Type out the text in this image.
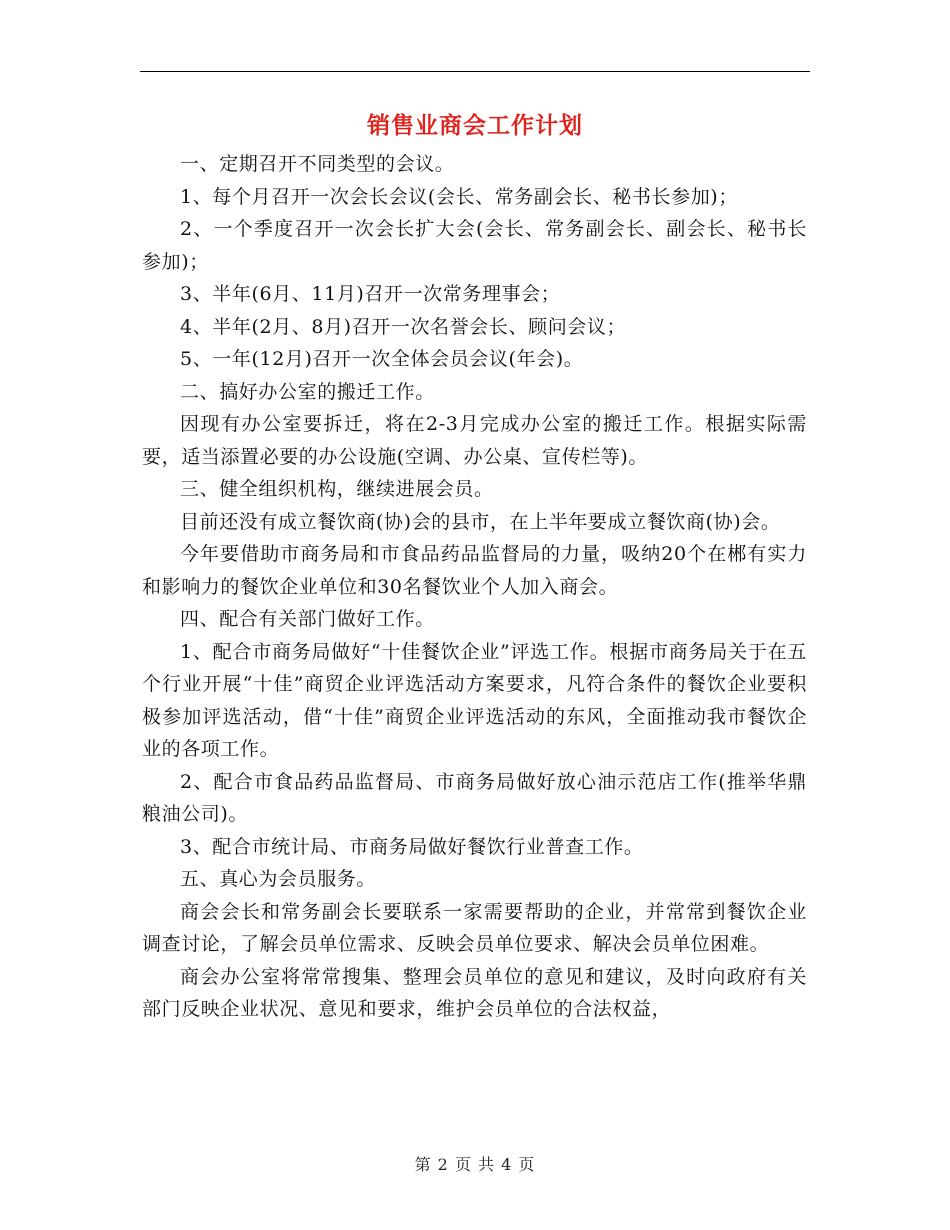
销售业商会工作计划

一、定期召开不同类型的会议。

1、每个月召开一次会长会议(会长、常务副会长、秘书长参加)；

2、一个季度召开一次会长扩大会(会长、常务副会长、副会长、秘书长参加)；

3、半年(6月、11月)召开一次常务理事会；

4、半年(2月、8月)召开一次名誉会长、顾问会议；

5、一年(12月)召开一次全体会员会议(年会)。

二、搞好办公室的搬迁工作。

因现有办公室要拆迁，将在2-3月完成办公室的搬迁工作。根据实际需要，适当添置必要的办公设施(空调、办公桌、宣传栏等)。

三、健全组织机构，继续进展会员。

目前还没有成立餐饮商(协)会的县市，在上半年要成立餐饮商(协)会。

今年要借助市商务局和市食品药品监督局的力量，吸纳20个在郴有实力和影响力的餐饮企业单位和30名餐饮业个人加入商会。

四、配合有关部门做好工作。

1、配合市商务局做好“十佳餐饮企业”评选工作。根据市商务局关于在五个行业开展“十佳”商贸企业评选活动方案要求，凡符合条件的餐饮企业要积极参加评选活动，借“十佳”商贸企业评选活动的东风，全面推动我市餐饮企业的各项工作。

2、配合市食品药品监督局、市商务局做好放心油示范店工作(推举华鼎粮油公司)。

3、配合市统计局、市商务局做好餐饮行业普查工作。

五、真心为会员服务。

商会会长和常务副会长要联系一家需要帮助的企业，并常常到餐饮企业调查讨论，了解会员单位需求、反映会员单位要求、解决会员单位困难。

商会办公室将常常搜集、整理会员单位的意见和建议，及时向政府有关部门反映企业状况、意见和要求，维护会员单位的合法权益，

第 2 页 共 4 页
